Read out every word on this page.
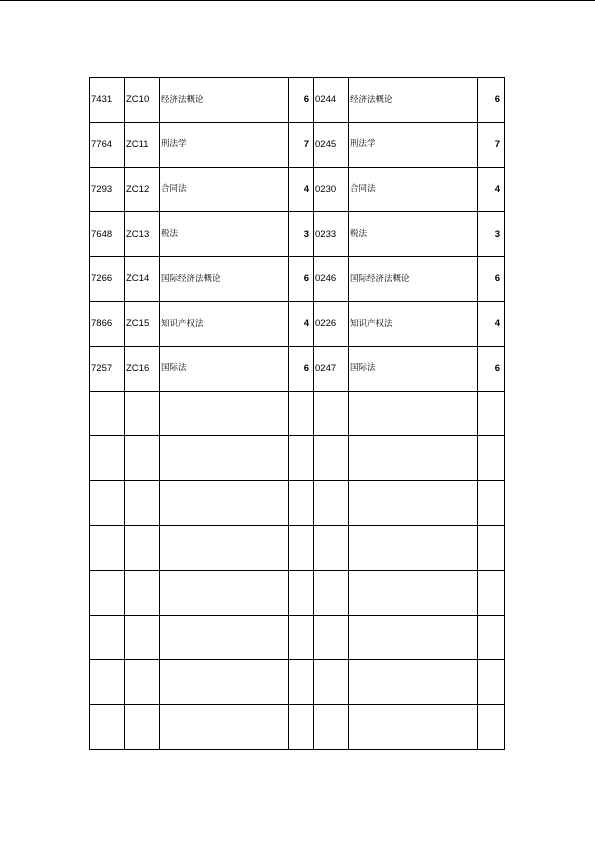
7431	ZC10	经济法概论	6	0244	经济法概论	6
7764	ZC11	刑法学	7	0245	刑法学	7
7293	ZC12	合同法	4	0230	合同法	4
7648	ZC13	税法	3	0233	税法	3
7266	ZC14	国际经济法概论	6	0246	国际经济法概论	6
7866	ZC15	知识产权法	4	0226	知识产权法	4
7257	ZC16	国际法	6	0247	国际法	6
